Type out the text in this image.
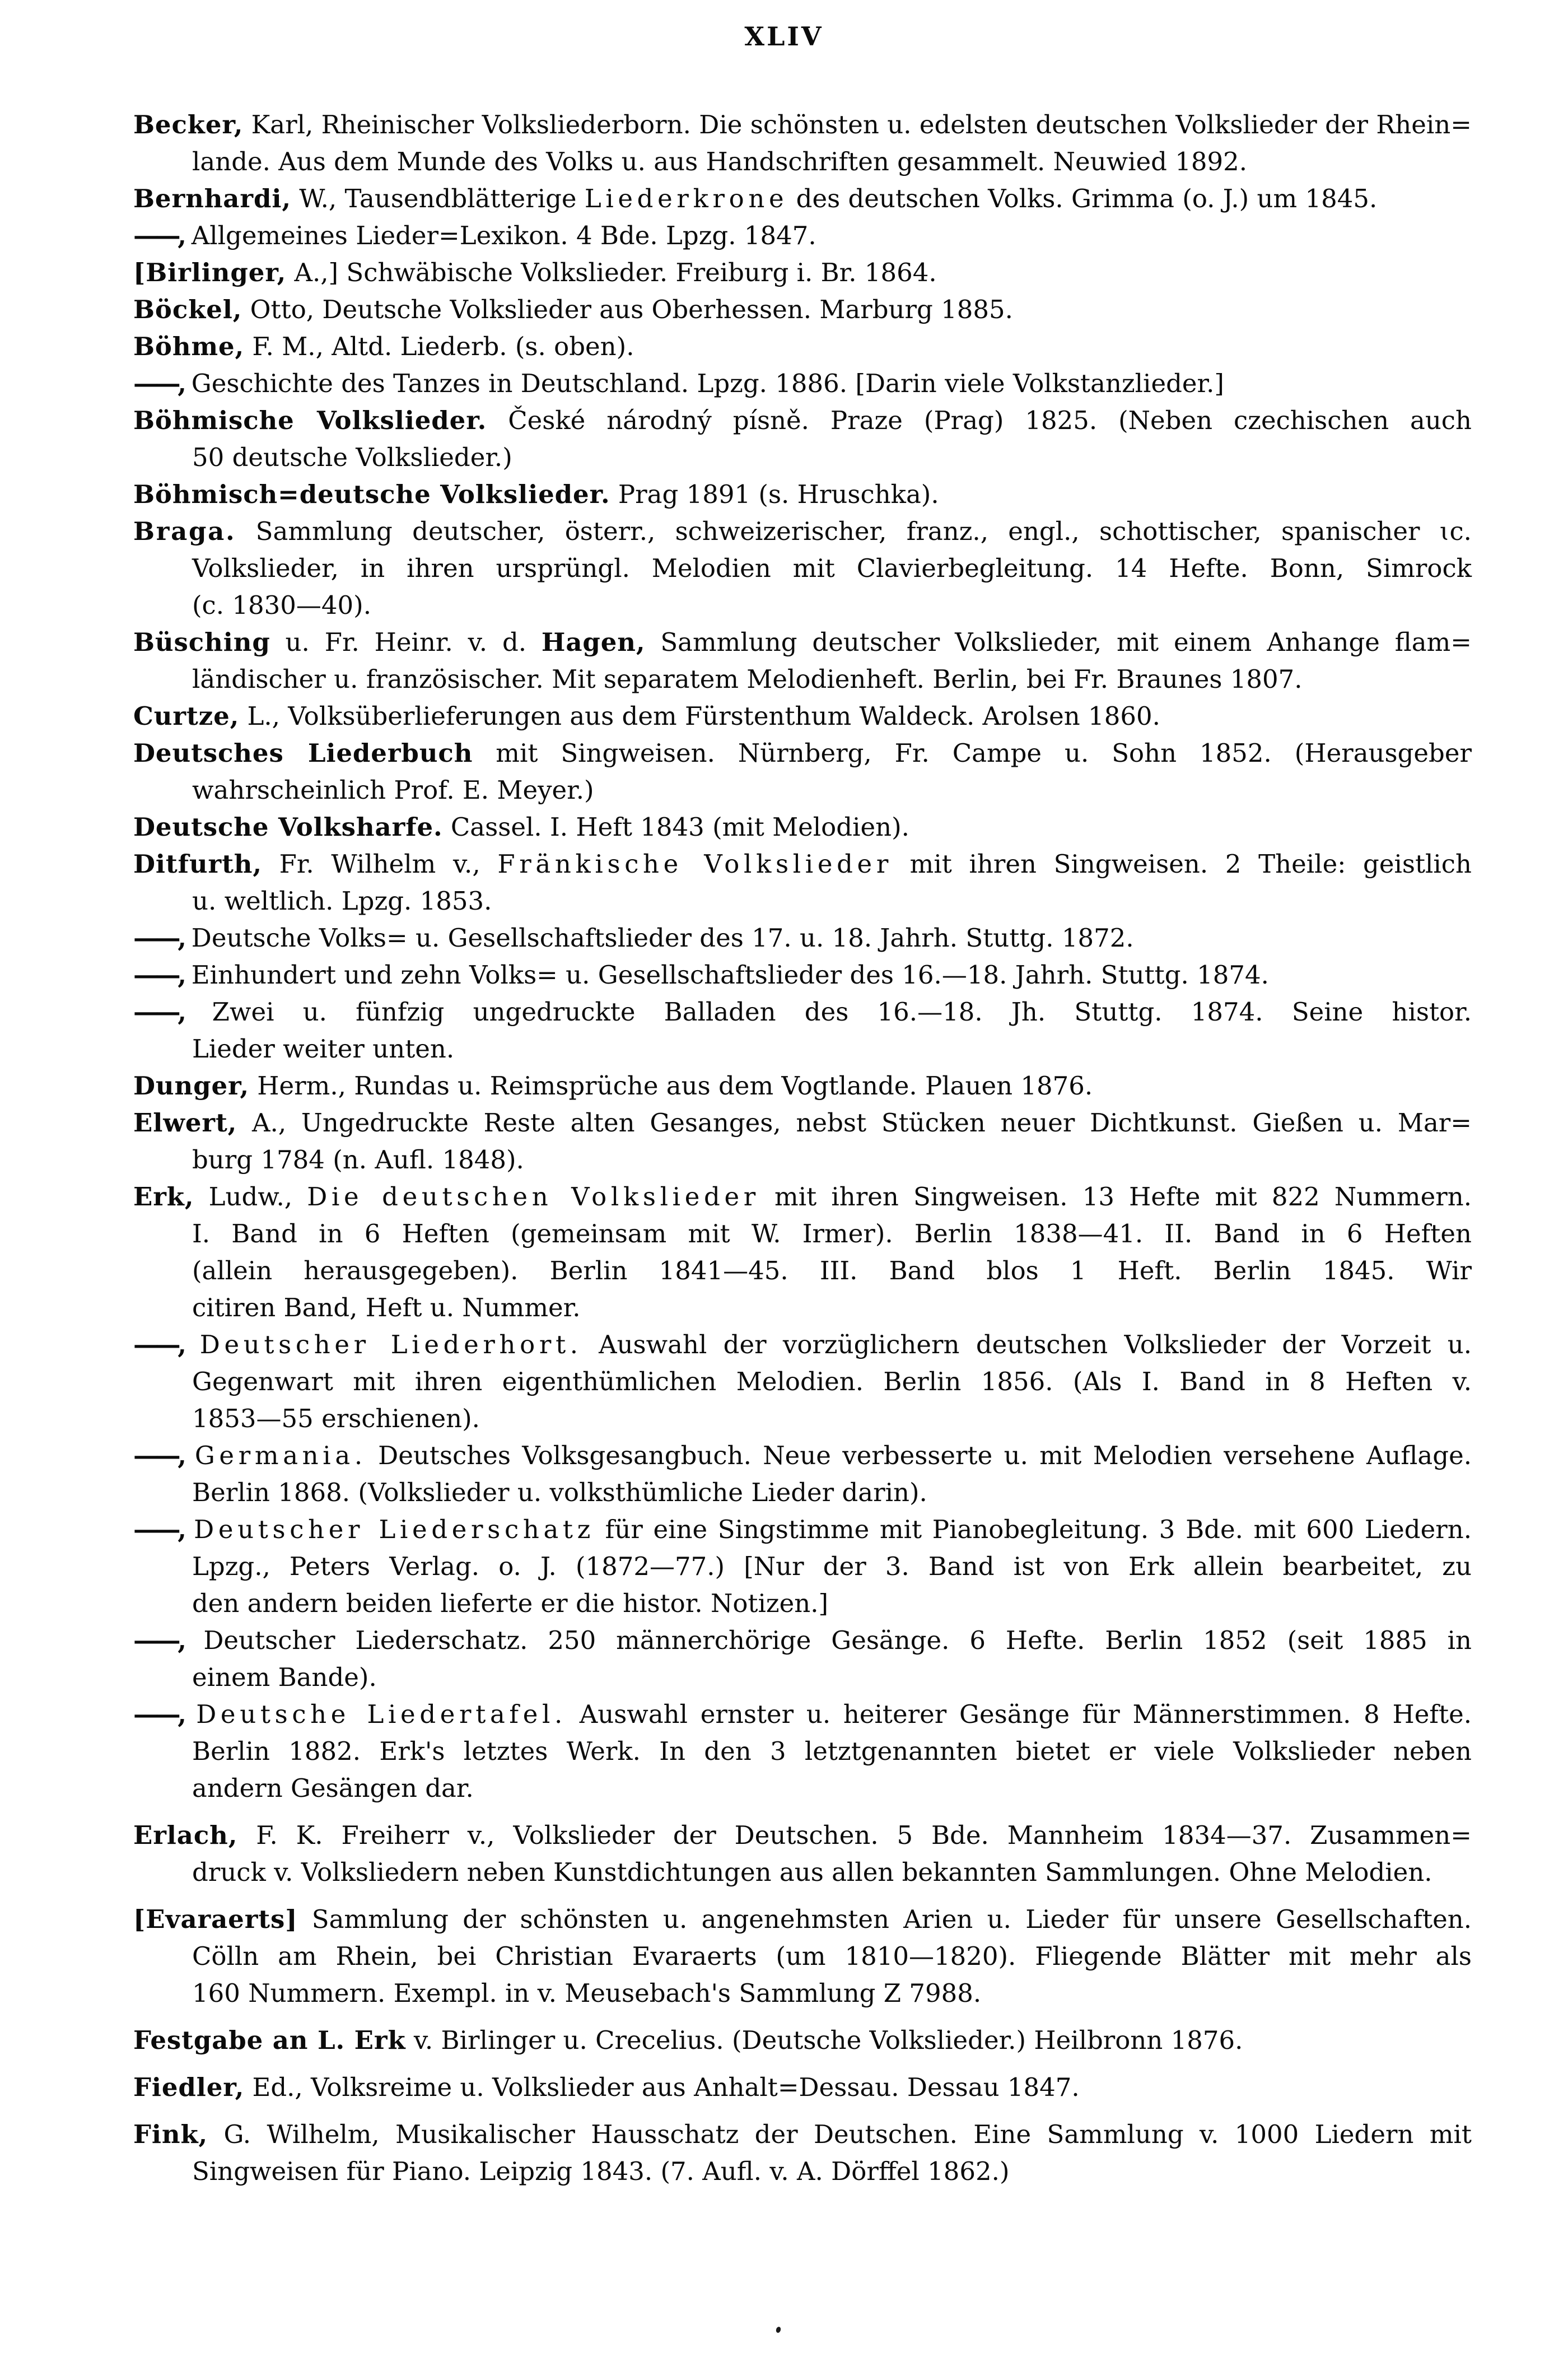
XLIV
Becker, Karl, Rheinischer Volksliederborn. Die schönsten u. edelsten deutschen Volkslieder der Rhein=
lande. Aus dem Munde des Volks u. aus Handschriften gesammelt. Neuwied 1892.
Bernhardi, W., Tausendblätterige Liederkrone des deutschen Volks. Grimma (o. J.) um 1845.
——, Allgemeines Lieder=Lexikon. 4 Bde. Lpzg. 1847.
[Birlinger, A.,] Schwäbische Volkslieder. Freiburg i. Br. 1864.
Böckel, Otto, Deutsche Volkslieder aus Oberhessen. Marburg 1885.
Böhme, F. M., Altd. Liederb. (s. oben).
——, Geschichte des Tanzes in Deutschland. Lpzg. 1886. [Darin viele Volkstanzlieder.]
Böhmische Volkslieder. České národný písně. Praze (Prag) 1825. (Neben czechischen auch
50 deutsche Volkslieder.)
Böhmisch=deutsche Volkslieder. Prag 1891 (s. Hruschka).
Braga. Sammlung deutscher, österr., schweizerischer, franz., engl., schottischer, spanischer ɩc.
Volkslieder, in ihren ursprüngl. Melodien mit Clavierbegleitung. 14 Hefte. Bonn, Simrock
(c. 1830—40).
Büsching u. Fr. Heinr. v. d. Hagen, Sammlung deutscher Volkslieder, mit einem Anhange flam=
ländischer u. französischer. Mit separatem Melodienheft. Berlin, bei Fr. Braunes 1807.
Curtze, L., Volksüberlieferungen aus dem Fürstenthum Waldeck. Arolsen 1860.
Deutsches Liederbuch mit Singweisen. Nürnberg, Fr. Campe u. Sohn 1852. (Herausgeber
wahrscheinlich Prof. E. Meyer.)
Deutsche Volksharfe. Cassel. I. Heft 1843 (mit Melodien).
Ditfurth, Fr. Wilhelm v., Fränkische Volkslieder mit ihren Singweisen. 2 Theile: geistlich
u. weltlich. Lpzg. 1853.
——, Deutsche Volks= u. Gesellschaftslieder des 17. u. 18. Jahrh. Stuttg. 1872.
——, Einhundert und zehn Volks= u. Gesellschaftslieder des 16.—18. Jahrh. Stuttg. 1874.
——, Zwei u. fünfzig ungedruckte Balladen des 16.—18. Jh. Stuttg. 1874. Seine histor.
Lieder weiter unten.
Dunger, Herm., Rundas u. Reimsprüche aus dem Vogtlande. Plauen 1876.
Elwert, A., Ungedruckte Reste alten Gesanges, nebst Stücken neuer Dichtkunst. Gießen u. Mar=
burg 1784 (n. Aufl. 1848).
Erk, Ludw., Die deutschen Volkslieder mit ihren Singweisen. 13 Hefte mit 822 Nummern.
I. Band in 6 Heften (gemeinsam mit W. Irmer). Berlin 1838—41. II. Band in 6 Heften
(allein herausgegeben). Berlin 1841—45. III. Band blos 1 Heft. Berlin 1845. Wir
citiren Band, Heft u. Nummer.
——, Deutscher Liederhort. Auswahl der vorzüglichern deutschen Volkslieder der Vorzeit u.
Gegenwart mit ihren eigenthümlichen Melodien. Berlin 1856. (Als I. Band in 8 Heften v.
1853—55 erschienen).
——, Germania. Deutsches Volksgesangbuch. Neue verbesserte u. mit Melodien versehene Auflage.
Berlin 1868. (Volkslieder u. volksthümliche Lieder darin).
——, Deutscher Liederschatz für eine Singstimme mit Pianobegleitung. 3 Bde. mit 600 Liedern.
Lpzg., Peters Verlag. o. J. (1872—77.) [Nur der 3. Band ist von Erk allein bearbeitet, zu
den andern beiden lieferte er die histor. Notizen.]
——, Deutscher Liederschatz. 250 männerchörige Gesänge. 6 Hefte. Berlin 1852 (seit 1885 in
einem Bande).
——, Deutsche Liedertafel. Auswahl ernster u. heiterer Gesänge für Männerstimmen. 8 Hefte.
Berlin 1882. Erk's letztes Werk. In den 3 letztgenannten bietet er viele Volkslieder neben
andern Gesängen dar.
Erlach, F. K. Freiherr v., Volkslieder der Deutschen. 5 Bde. Mannheim 1834—37. Zusammen=
druck v. Volksliedern neben Kunstdichtungen aus allen bekannten Sammlungen. Ohne Melodien.
[Evaraerts] Sammlung der schönsten u. angenehmsten Arien u. Lieder für unsere Gesellschaften.
Cölln am Rhein, bei Christian Evaraerts (um 1810—1820). Fliegende Blätter mit mehr als
160 Nummern. Exempl. in v. Meusebach's Sammlung Z 7988.
Festgabe an L. Erk v. Birlinger u. Crecelius. (Deutsche Volkslieder.) Heilbronn 1876.
Fiedler, Ed., Volksreime u. Volkslieder aus Anhalt=Dessau. Dessau 1847.
Fink, G. Wilhelm, Musikalischer Hausschatz der Deutschen. Eine Sammlung v. 1000 Liedern mit
Singweisen für Piano. Leipzig 1843. (7. Aufl. v. A. Dörffel 1862.)
